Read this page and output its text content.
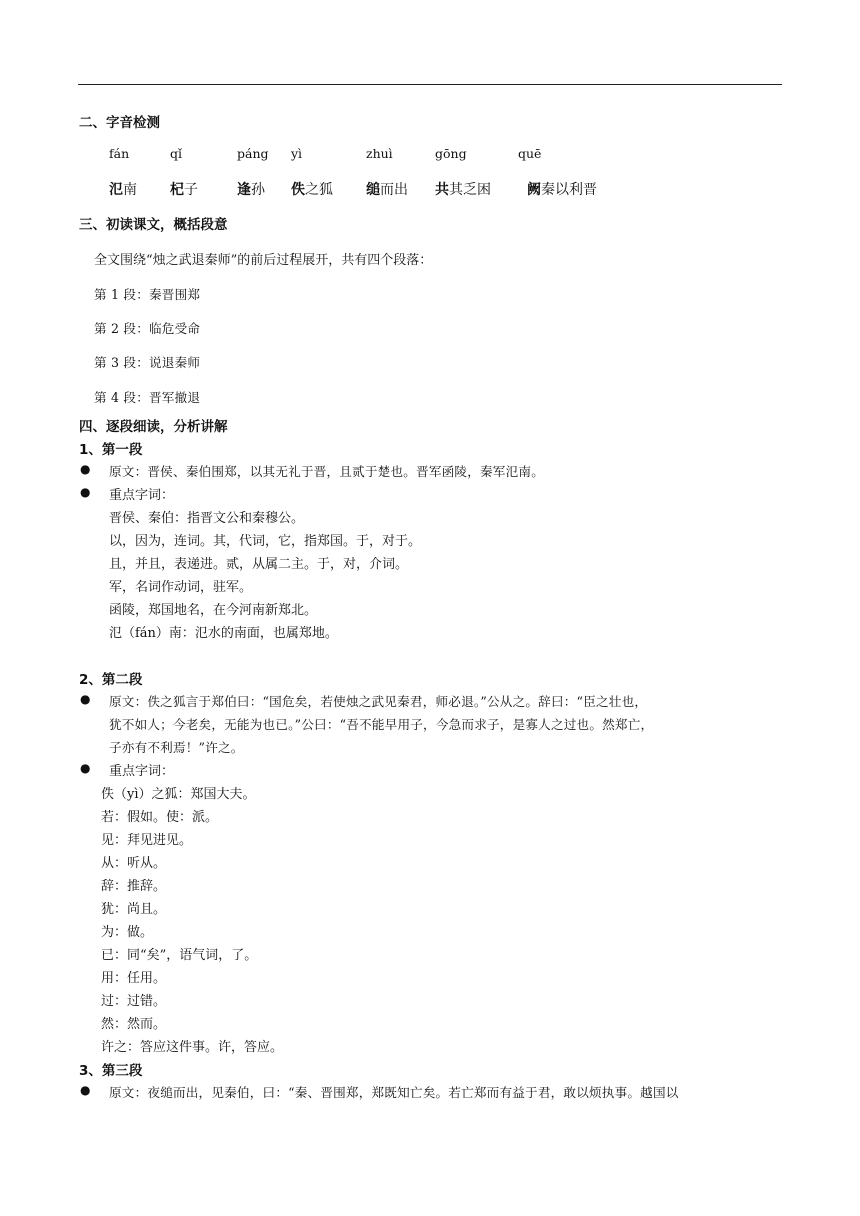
二、字音检测
fán
氾南
qǐ
杞子
páng
逢孙
yì
佚之狐
zhuì
缒而出
gōng
共其乏困
quē
阙秦以利晋
三、初读课文，概括段意
全文围绕“烛之武退秦师”的前后过程展开，共有四个段落：
第 1 段：秦晋围郑
第 2 段：临危受命
第 3 段：说退秦师
第 4 段：晋军撤退
四、逐段细读，分析讲解
1、第一段
● 原文：晋侯、秦伯围郑，以其无礼于晋，且贰于楚也。晋军函陵，秦军氾南。
● 重点字词：
晋侯、秦伯：指晋文公和秦穆公。
以，因为，连词。其，代词，它，指郑国。于，对于。
且，并且，表递进。贰，从属二主。于，对，介词。
军，名词作动词，驻军。
函陵，郑国地名，在今河南新郑北。
氾（fán）南：氾水的南面，也属郑地。
2、第二段
● 原文：佚之狐言于郑伯曰：“国危矣，若使烛之武见秦君，师必退。”公从之。辞曰：“臣之壮也，
犹不如人；今老矣，无能为也已。”公曰：“吾不能早用子，今急而求子，是寡人之过也。然郑亡，
子亦有不利焉！”许之。
● 重点字词：
佚（yì）之狐：郑国大夫。
若：假如。使：派。
见：拜见进见。
从：听从。
辞：推辞。
犹：尚且。
为：做。
已：同“矣”，语气词，了。
用：任用。
过：过错。
然：然而。
许之：答应这件事。许，答应。
3、第三段
● 原文：夜缒而出，见秦伯，曰：“秦、晋围郑，郑既知亡矣。若亡郑而有益于君，敢以烦执事。越国以
